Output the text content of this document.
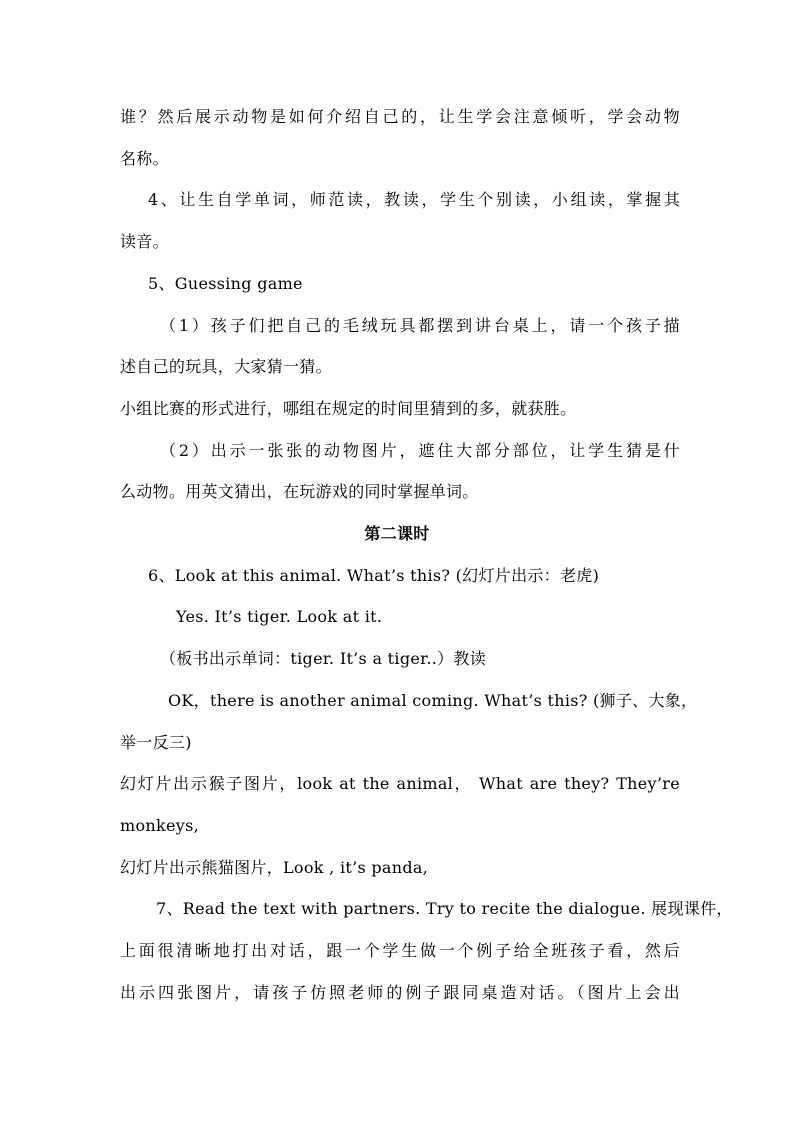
谁？然后展示动物是如何介绍自己的，让生学会注意倾听，学会动物
名称。
4、让生自学单词，师范读，教读，学生个别读，小组读，掌握其
读音。
5、Guessing game
（1）孩子们把自己的毛绒玩具都摆到讲台桌上，请一个孩子描
述自己的玩具，大家猜一猜。
小组比赛的形式进行，哪组在规定的时间里猜到的多，就获胜。
（2）出示一张张的动物图片，遮住大部分部位，让学生猜是什
么动物。用英文猜出，在玩游戏的同时掌握单词。
第二课时
6、Look at this animal. What’s this? (幻灯片出示：老虎)
Yes. It’s tiger. Look at it.
（板书出示单词：tiger. It’s a tiger..）教读
OK，there is another animal coming. What’s this? (狮子、大象，
举一反三)
幻灯片出示猴子图片，look at the animal， What are they? They’re
monkeys,
幻灯片出示熊猫图片，Look , it’s panda,
7、Read the text with partners. Try to recite the dialogue. 展现课件，
上面很清晰地打出对话，跟一个学生做一个例子给全班孩子看，然后
出示四张图片，请孩子仿照老师的例子跟同桌造对话。（图片上会出
